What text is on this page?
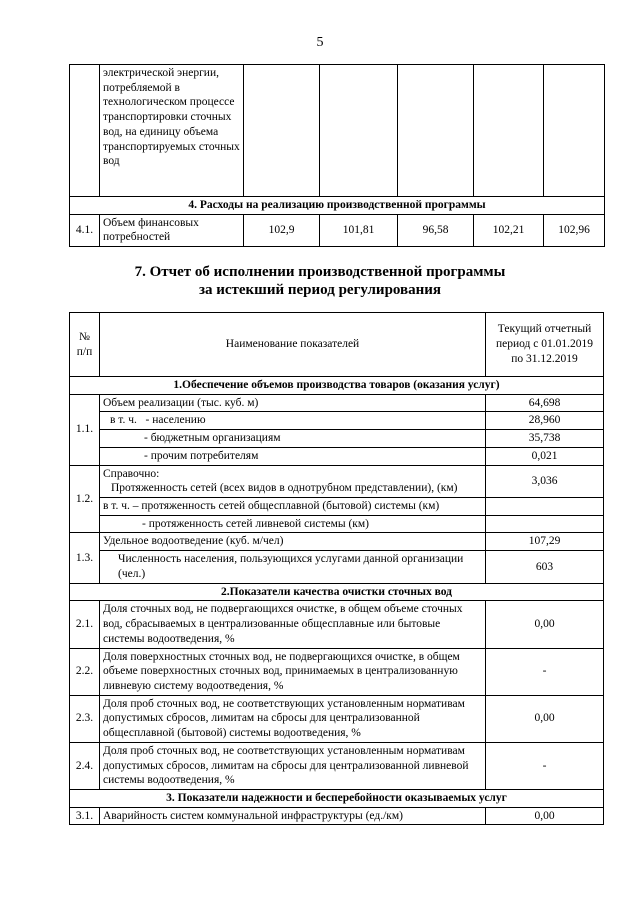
5
	электрической энергии, потребляемой в технологическом процессе транспортировки сточных вод, на единицу объема транспортируемых сточных вод					
4. Расходы на реализацию производственной программы						
4.1.	Объем финансовых потребностей	102,9	101,81	96,58	102,21	102,96
7. Отчет об исполнении производственной программы
за истекший период регулирования
№ п/п	Наименование показателей	Текущий отчетный период с 01.01.2019 по 31.12.2019
1.Обеспечение объемов производства товаров (оказания услуг)		
1.1.	Объем реализации (тыс. куб. м)	64,698
	в т. ч.   - населению	28,960
	- бюджетным организациям	35,738
	- прочим потребителям	0,021
1.2.	Справочно:
Протяженность сетей (всех видов в однотрубном представлении), (км)	3,036
	в т. ч. – протяженность сетей общесплавной (бытовой) системы (км)	
	- протяженность сетей ливневой системы (км)	
1.3.	Удельное водоотведение (куб. м/чел)	107,29
	Численность населения, пользующихся услугами данной организации (чел.)	603
2.Показатели качества очистки сточных вод		
2.1.	Доля сточных вод, не подвергающихся очистке, в общем объеме сточных вод, сбрасываемых в централизованные общесплавные или бытовые системы водоотведения, %	0,00
2.2.	Доля поверхностных сточных вод, не подвергающихся очистке, в общем объеме поверхностных сточных вод, принимаемых в централизованную ливневую систему водоотведения, %	-
2.3.	Доля проб сточных вод, не соответствующих установленным нормативам допустимых сбросов, лимитам на сбросы для централизованной общесплавной (бытовой) системы водоотведения, %	0,00
2.4.	Доля проб сточных вод, не соответствующих установленным нормативам допустимых сбросов, лимитам на сбросы для централизованной ливневой системы водоотведения, %	-
3. Показатели надежности и бесперебойности оказываемых услуг		
3.1.	Аварийность систем коммунальной инфраструктуры (ед./км)	0,00
